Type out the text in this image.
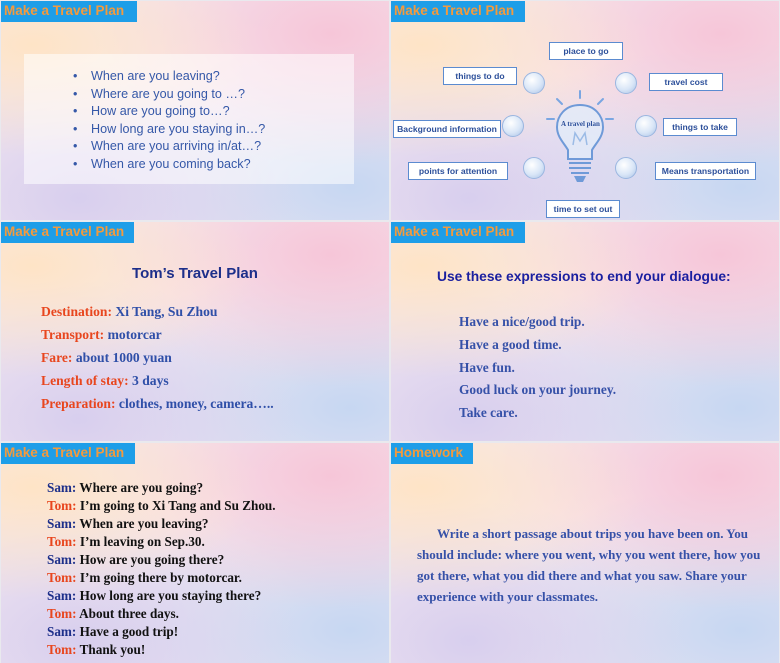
Make a Travel Plan
• When are you leaving?
• Where are you going to …?
• How are you going to…?
• How long are you staying in…?
• When are you arriving in/at…?
• When are you coming back?
Make a Travel Plan
A travel plan
place to go
things to do
travel cost
Background information	things to take
points for attention	Means transportation
time to set out
Make a Travel Plan
Tom’s Travel Plan
Destination: Xi Tang, Su Zhou
Transport: motorcar
Fare: about 1000 yuan
Length of stay: 3 days
Preparation: clothes, money, camera…..
Make a Travel Plan
Use these expressions to end your dialogue:
Have a nice/good trip.
Have a good time.
Have fun.
Good luck on your journey.
Take care.
Make a Travel Plan
Sam: Where are you going?
Tom: I’m going to Xi Tang and Su Zhou.
Sam: When are you leaving?
Tom: I’m leaving on Sep.30.
Sam: How are you going there?
Tom: I’m going there by motorcar.
Sam: How long are you staying there?
Tom: About three days.
Sam: Have a good trip!
Tom: Thank you!
Homework
Write a short passage about trips you have been on. You should include: where you went, why you went there, how you got there, what you did there and what you saw. Share your experience with your classmates.
